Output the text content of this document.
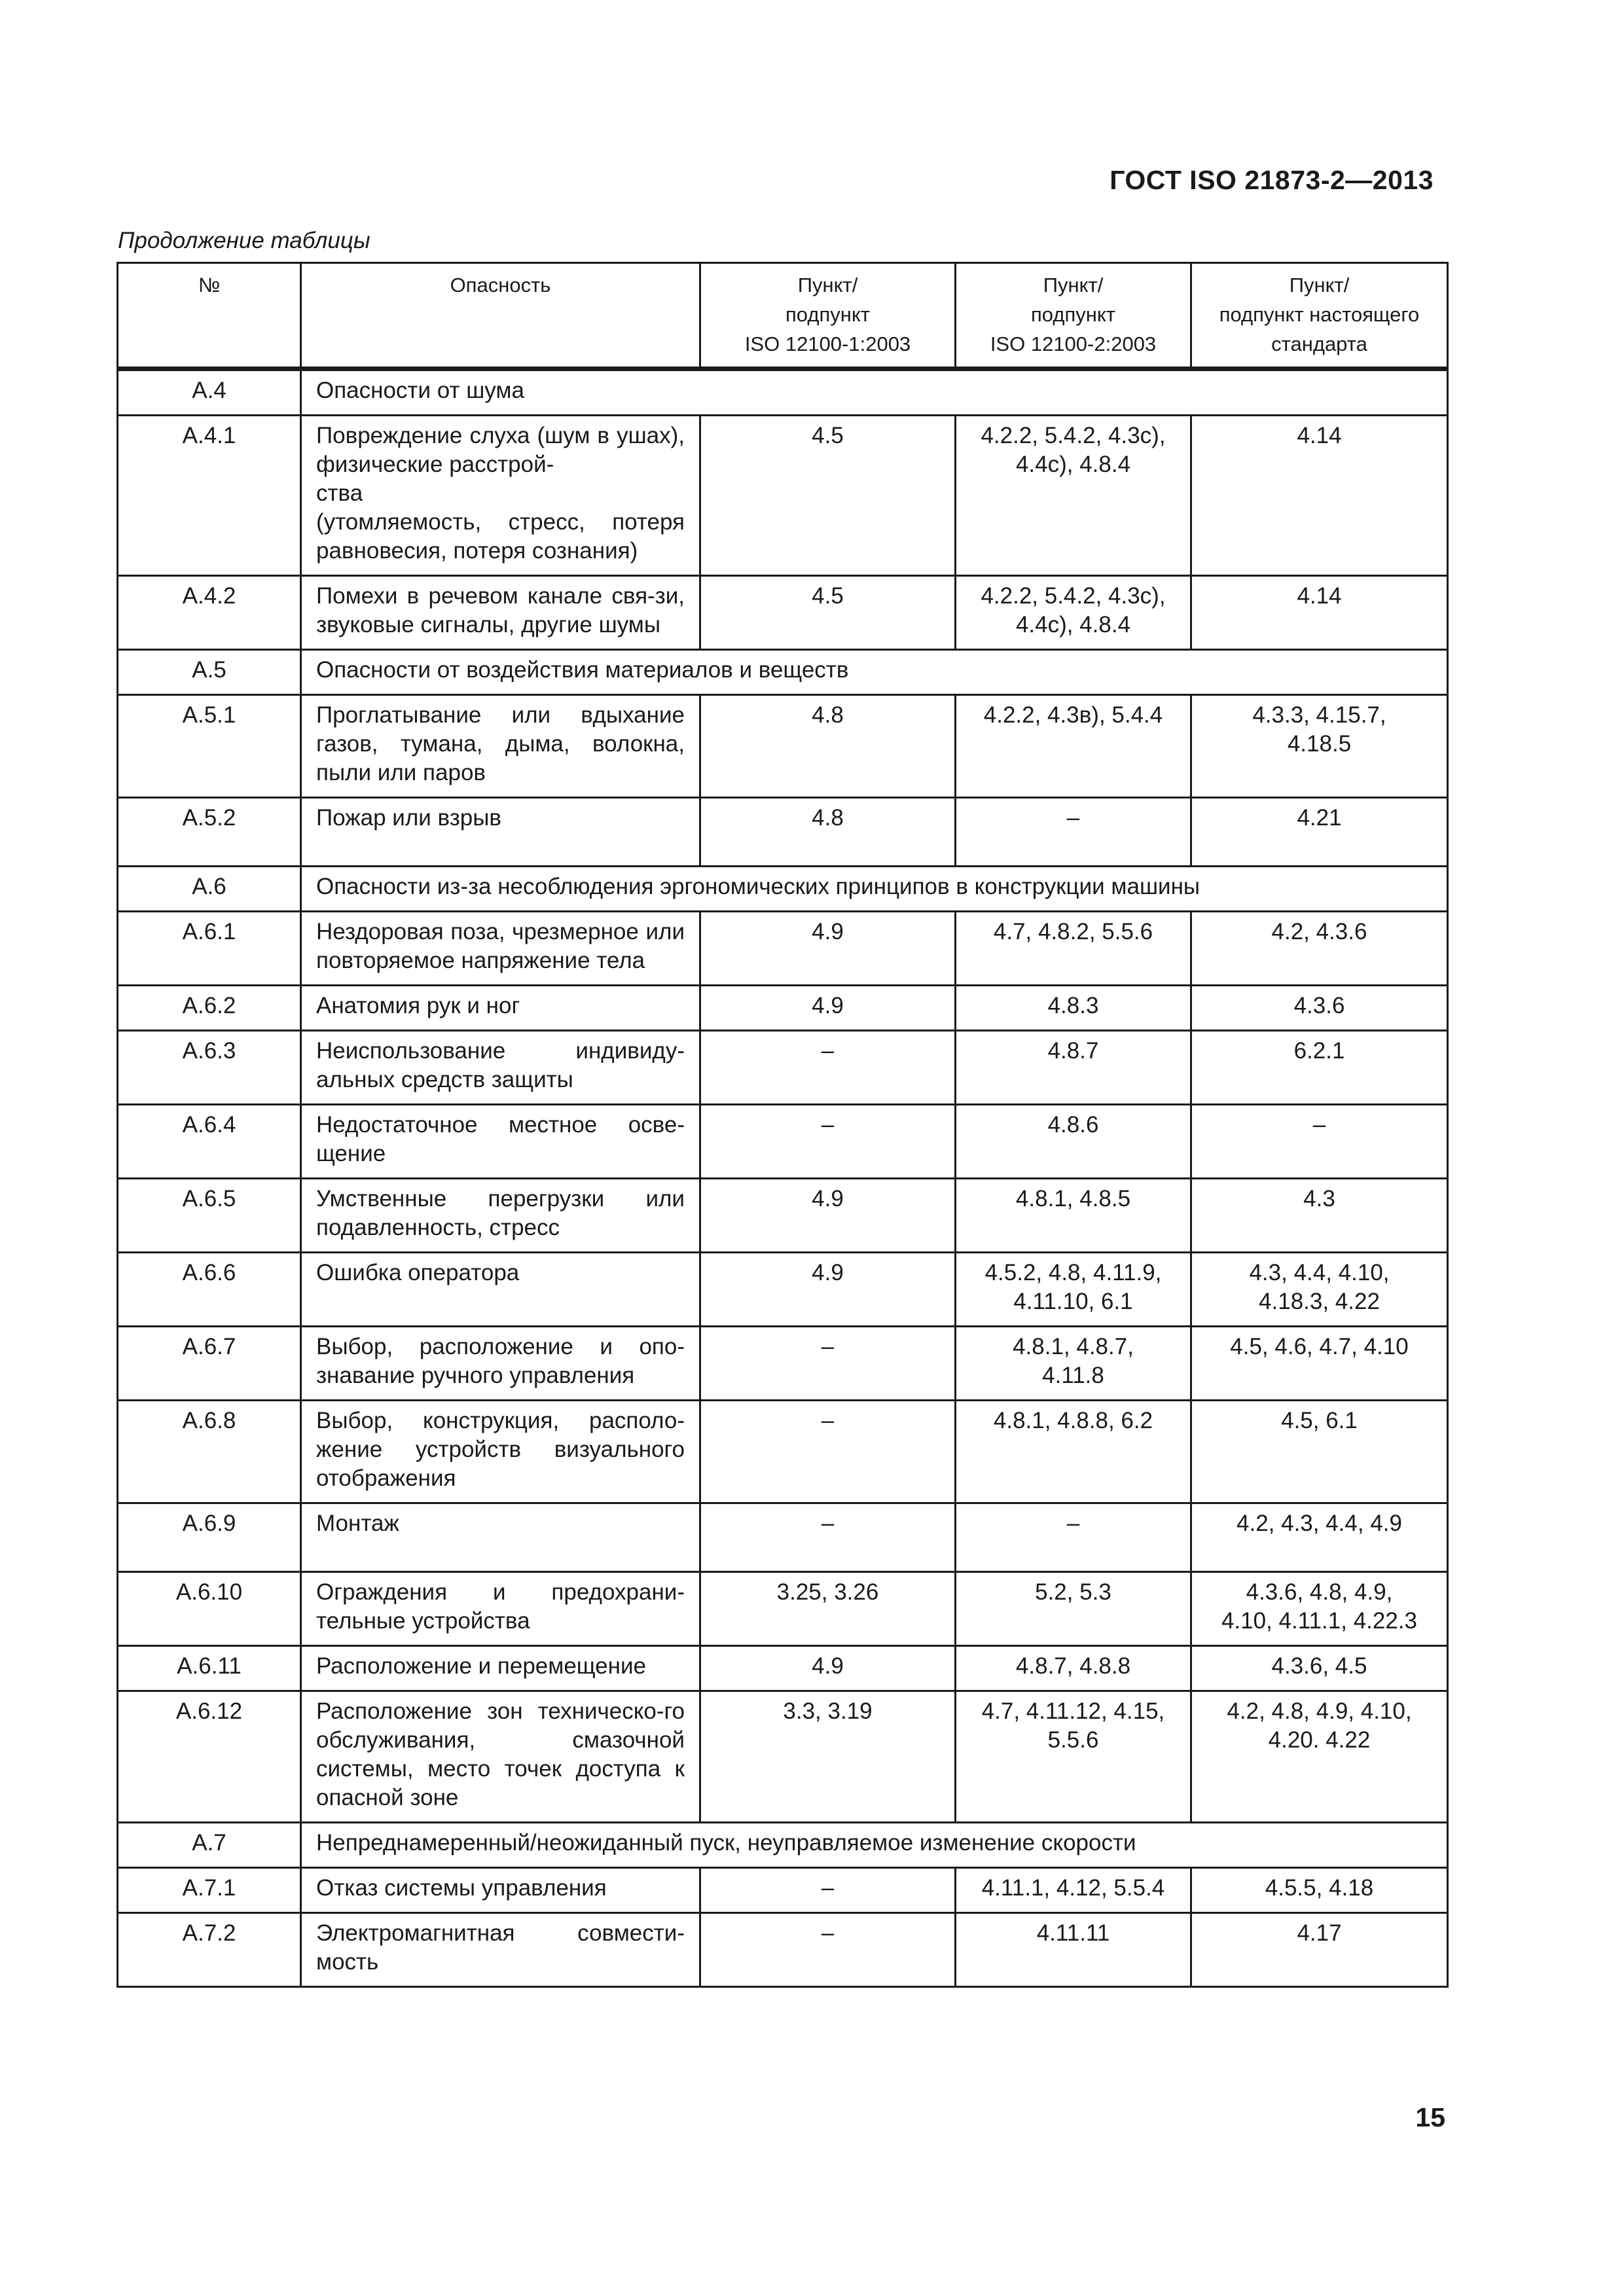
ГОСТ ISO 21873-2—2013
Продолжение таблицы
№	Опасность	Пункт/
подпункт
ISO 12100-1:2003	Пункт/
подпункт
ISO 12100-2:2003	Пункт/
подпункт настоящего
стандарта
А.4	Опасности от шума			
А.4.1	Повреждение слуха (шум в ушах), физические расстрой-
ства
(утомляемость, стресс, потеря равновесия, потеря сознания)	4.5	4.2.2, 5.4.2, 4.3с),
4.4с), 4.8.4	4.14
А.4.2	Помехи в речевом канале свя-зи, звуковые сигналы, другие шумы	4.5	4.2.2, 5.4.2, 4.3с),
4.4с), 4.8.4	4.14
А.5	Опасности от воздействия материалов и веществ			
А.5.1	Проглатывание или вдыхание газов, тумана, дыма, волокна, пыли или паров	4.8	4.2.2, 4.3в), 5.4.4	4.3.3, 4.15.7,
4.18.5
А.5.2	Пожар или взрыв	4.8	–	4.21
А.6	Опасности из-за несоблюдения эргономических принципов в конструкции машины			
А.6.1	Нездоровая поза, чрезмерное или повторяемое напряжение тела	4.9	4.7, 4.8.2, 5.5.6	4.2, 4.3.6
А.6.2	Анатомия рук и ног	4.9	4.8.3	4.3.6
А.6.3	Неиспользование индивиду-альных средств защиты	–	4.8.7	6.2.1
А.6.4	Недостаточное местное осве-щение	–	4.8.6	–
А.6.5	Умственные перегрузки или подавленность, стресс	4.9	4.8.1, 4.8.5	4.3
А.6.6	Ошибка оператора	4.9	4.5.2, 4.8, 4.11.9,
4.11.10, 6.1	4.3, 4.4, 4.10,
4.18.3, 4.22
А.6.7	Выбор, расположение и опо-знавание ручного управления	–	4.8.1, 4.8.7,
4.11.8	4.5, 4.6, 4.7, 4.10
А.6.8	Выбор, конструкция, располо-жение устройств визуального отображения	–	4.8.1, 4.8.8, 6.2	4.5, 6.1
А.6.9	Монтаж	–	–	4.2, 4.3, 4.4, 4.9
А.6.10	Ограждения и предохрани-тельные устройства	3.25, 3.26	5.2, 5.3	4.3.6, 4.8, 4.9,
4.10, 4.11.1, 4.22.3
А.6.11	Расположение и перемещение	4.9	4.8.7, 4.8.8	4.3.6, 4.5
А.6.12	Расположение зон техническо-го обслуживания, смазочной системы, место точек доступа к опасной зоне	3.3, 3.19	4.7, 4.11.12, 4.15,
5.5.6	4.2, 4.8, 4.9, 4.10,
4.20. 4.22
А.7	Непреднамеренный/неожиданный пуск, неуправляемое изменение скорости			
А.7.1	Отказ системы управления	–	4.11.1, 4.12, 5.5.4	4.5.5, 4.18
А.7.2	Электромагнитная совмести-мость	–	4.11.11	4.17
15
